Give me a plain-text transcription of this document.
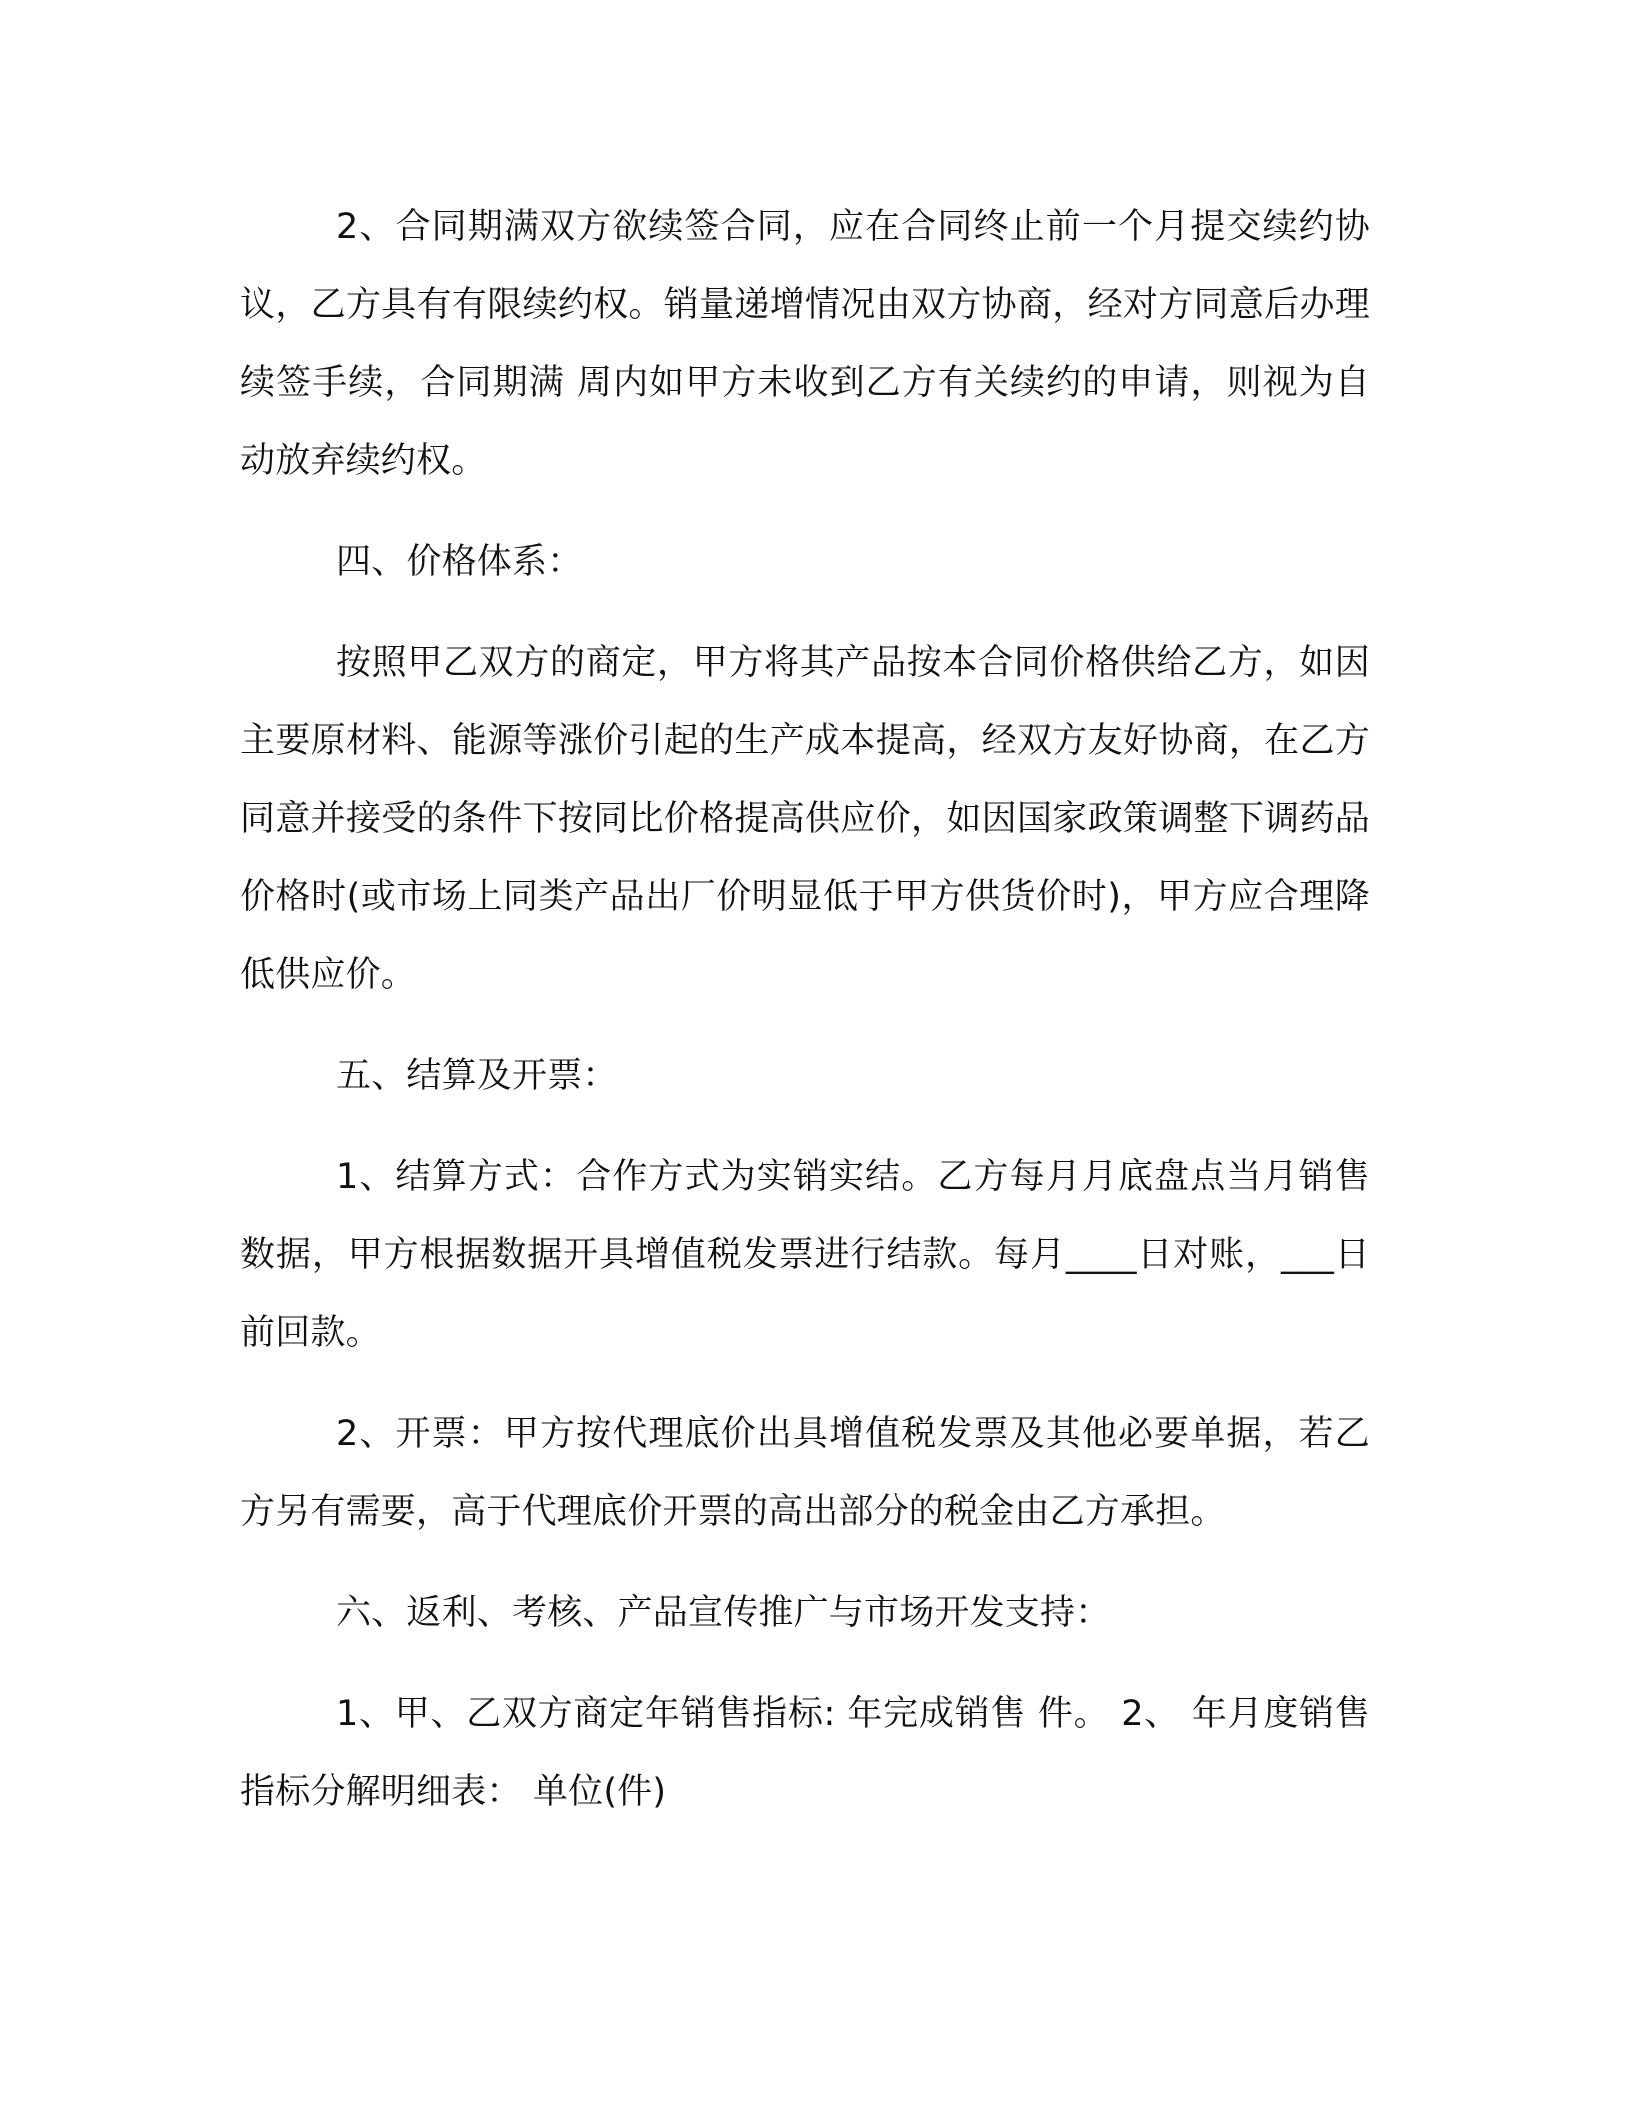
2、合同期满双方欲续签合同，应在合同终止前一个月提交续约协议，乙方具有有限续约权。销量递增情况由双方协商，经对方同意后办理续签手续，合同期满 周内如甲方未收到乙方有关续约的申请，则视为自动放弃续约权。

四、价格体系：

按照甲乙双方的商定，甲方将其产品按本合同价格供给乙方，如因主要原材料、能源等涨价引起的生产成本提高，经双方友好协商，在乙方同意并接受的条件下按同比价格提高供应价，如因国家政策调整下调药品价格时(或市场上同类产品出厂价明显低于甲方供货价时)，甲方应合理降低供应价。

五、结算及开票：

1、结算方式：合作方式为实销实结。乙方每月月底盘点当月销售数据，甲方根据数据开具增值税发票进行结款。每月____日对账，___日前回款。

2、开票：甲方按代理底价出具增值税发票及其他必要单据，若乙方另有需要，高于代理底价开票的高出部分的税金由乙方承担。

六、返利、考核、产品宣传推广与市场开发支持：

1、甲、乙双方商定年销售指标: 年完成销售 件。 2、 年月度销售指标分解明细表： 单位(件)
